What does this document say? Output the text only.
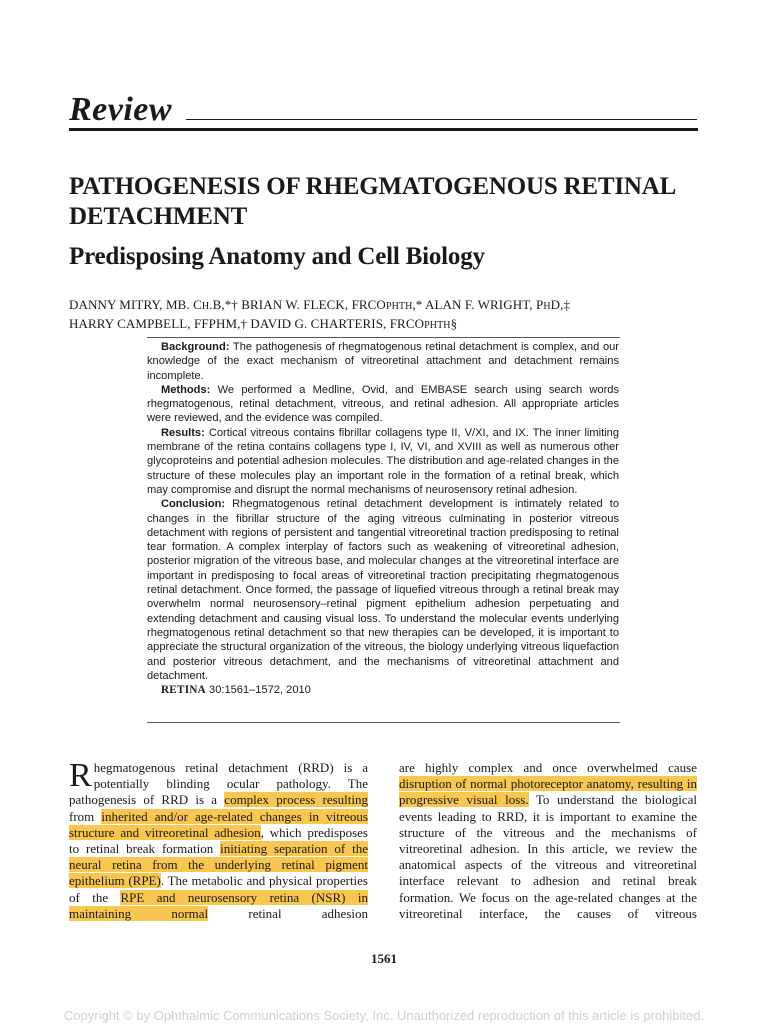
Review
PATHOGENESIS OF RHEGMATOGENOUS RETINAL DETACHMENT
Predisposing Anatomy and Cell Biology
DANNY MITRY, MB. CH.B,*† BRIAN W. FLECK, FRCOPHTH,* ALAN F. WRIGHT, PHD,‡
HARRY CAMPBELL, FFPHM,† DAVID G. CHARTERIS, FRCOPHTH§

Background: The pathogenesis of rhegmatogenous retinal detachment is complex, and our knowledge of the exact mechanism of vitreoretinal attachment and detachment remains incomplete.

Methods: We performed a Medline, Ovid, and EMBASE search using search words rhegmatogenous, retinal detachment, vitreous, and retinal adhesion. All appropriate articles were reviewed, and the evidence was compiled.

Results: Cortical vitreous contains fibrillar collagens type II, V/XI, and IX. The inner limiting membrane of the retina contains collagens type I, IV, VI, and XVIII as well as numerous other glycoproteins and potential adhesion molecules. The distribution and age-related changes in the structure of these molecules play an important role in the formation of a retinal break, which may compromise and disrupt the normal mechanisms of neurosensory retinal adhesion.

Conclusion: Rhegmatogenous retinal detachment development is intimately related to changes in the fibrillar structure of the aging vitreous culminating in posterior vitreous detachment with regions of persistent and tangential vitreoretinal traction predisposing to retinal tear formation. A complex interplay of factors such as weakening of vitreoretinal adhesion, posterior migration of the vitreous base, and molecular changes at the vitreoretinal interface are important in predisposing to focal areas of vitreoretinal traction precipitating rhegmatogenous retinal detachment. Once formed, the passage of liquefied vitreous through a retinal break may overwhelm normal neurosensory–retinal pigment epithelium adhesion perpetuating and extending detachment and causing visual loss. To understand the molecular events underlying rhegmatogenous retinal detachment so that new therapies can be developed, it is important to appreciate the structural organization of the vitreous, the biology underlying vitreous liquefaction and posterior vitreous detachment, and the mechanisms of vitreoretinal attachment and detachment.

RETINA 30:1561–1572, 2010

Rhegmatogenous retinal detachment (RRD) is a potentially blinding ocular pathology. The pathogenesis of RRD is a complex process resulting from inherited and/or age-related changes in vitreous structure and vitreoretinal adhesion, which predisposes to retinal break formation initiating separation of the neural retina from the underlying retinal pigment epithelium (RPE). The metabolic and physical properties of the RPE and neurosensory retina (NSR) in maintaining normal retinal adhesion
are highly complex and once overwhelmed cause disruption of normal photoreceptor anatomy, resulting in progressive visual loss. To understand the biological events leading to RRD, it is important to examine the structure of the vitreous and the mechanisms of vitreoretinal adhesion. In this article, we review the anatomical aspects of the vitreous and vitreoretinal interface relevant to adhesion and retinal break formation. We focus on the age-related changes at the vitreoretinal interface, the causes of vitreous
1561
Copyright © by Ophthalmic Communications Society, Inc. Unauthorized reproduction of this article is prohibited.
